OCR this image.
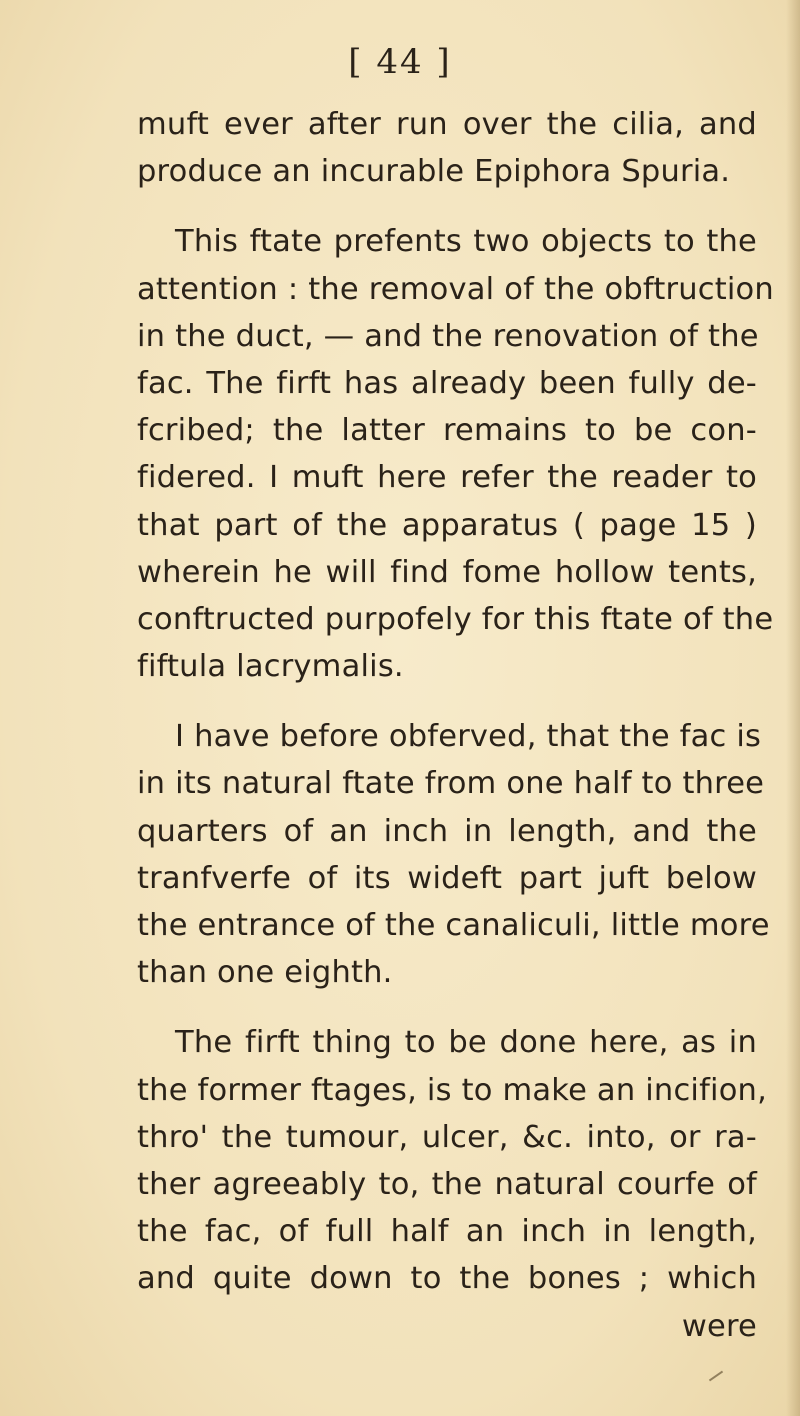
[ 44 ]
muft ever after run over the cilia, and
produce an incurable Epiphora Spuria.
This ftate prefents two objects to the
attention : the removal of the obftruction
in the duct, — and the renovation of the
fac. The firft has already been fully de-
fcribed; the latter remains to be con-
fidered. I muft here refer the reader to
that part of the apparatus ( page 15 )
wherein he will find fome hollow tents,
conftructed purpofely for this ftate of the
fiftula lacrymalis.
I have before obferved, that the fac is
in its natural ftate from one half to three
quarters of an inch in length, and the
tranfverfe of its wideft part juft below
the entrance of the canaliculi, little more
than one eighth.
The firft thing to be done here, as in
the former ftages, is to make an incifion,
thro' the tumour, ulcer, &c. into, or ra-
ther agreeably to, the natural courfe of
the fac, of full half an inch in length,
and quite down to the bones ; which
were
